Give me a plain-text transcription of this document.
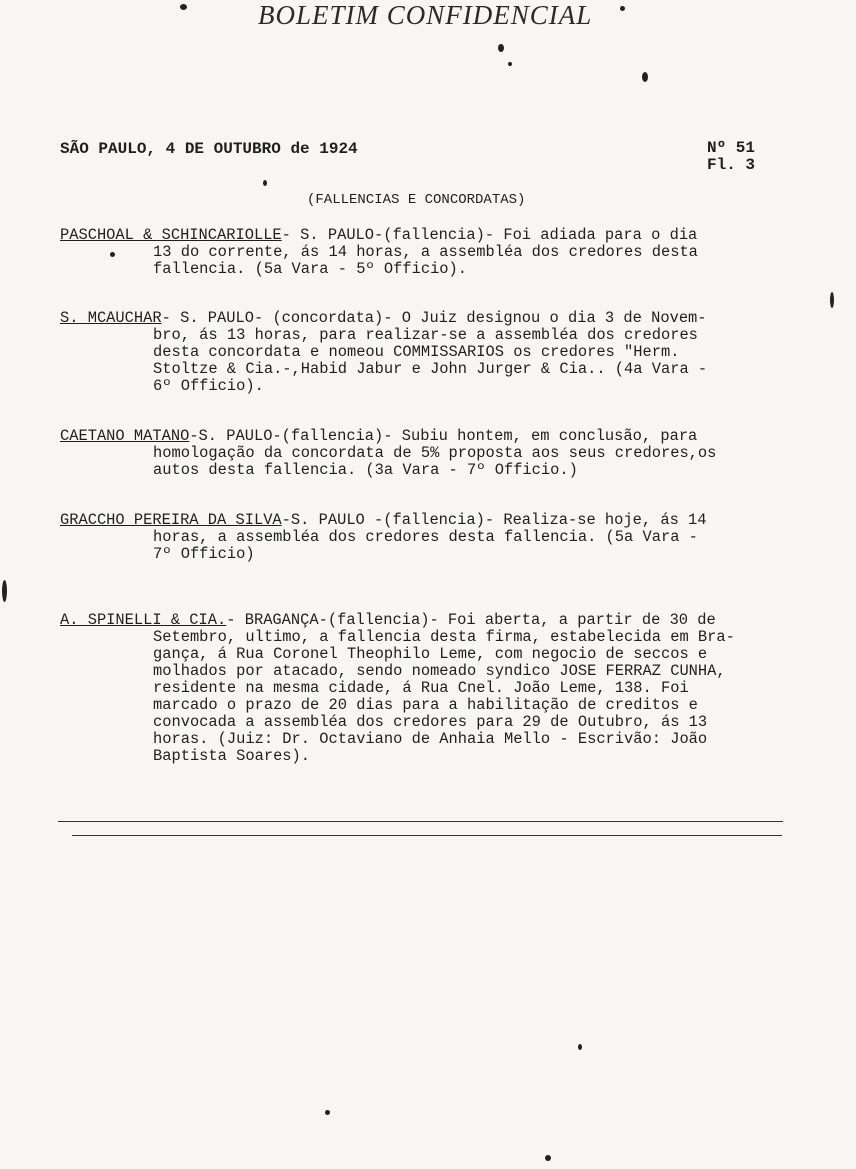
BOLETIM CONFIDENCIAL
SÃO PAULO, 4 DE OUTUBRO de 1924	Nº 51
Fl. 3
(FALLENCIAS E CONCORDATAS)
PASCHOAL & SCHINCARIOLLE- S. PAULO-(fallencia)- Foi adiada para o dia
13 do corrente, ás 14 horas, a assembléa dos credores desta
fallencia. (5a Vara - 5º Officio).
S. MCAUCHAR- S. PAULO- (concordata)- O Juiz designou o dia 3 de Novem-
bro, ás 13 horas, para realizar-se a assembléa dos credores
desta concordata e nomeou COMMISSARIOS os credores "Herm.
Stoltze & Cia.-,Habid Jabur e John Jurger & Cia.. (4a Vara -
6º Officio).
CAETANO MATANO-S. PAULO-(fallencia)- Subiu hontem, em conclusão, para
homologação da concordata de 5% proposta aos seus credores,os
autos desta fallencia. (3a Vara - 7º Officio.)
GRACCHO PEREIRA DA SILVA-S. PAULO -(fallencia)- Realiza-se hoje, ás 14
horas, a assembléa dos credores desta fallencia. (5a Vara -
7º Officio)
A. SPINELLI & CIA.- BRAGANÇA-(fallencia)- Foi aberta, a partir de 30 de
Setembro, ultimo, a fallencia desta firma, estabelecida em Bra-
gança, á Rua Coronel Theophilo Leme, com negocio de seccos e
molhados por atacado, sendo nomeado syndico JOSE FERRAZ CUNHA,
residente na mesma cidade, á Rua Cnel. João Leme, 138. Foi
marcado o prazo de 20 dias para a habilitação de creditos e
convocada a assembléa dos credores para 29 de Outubro, ás 13
horas. (Juiz: Dr. Octaviano de Anhaia Mello - Escrivão: João
Baptista Soares).
